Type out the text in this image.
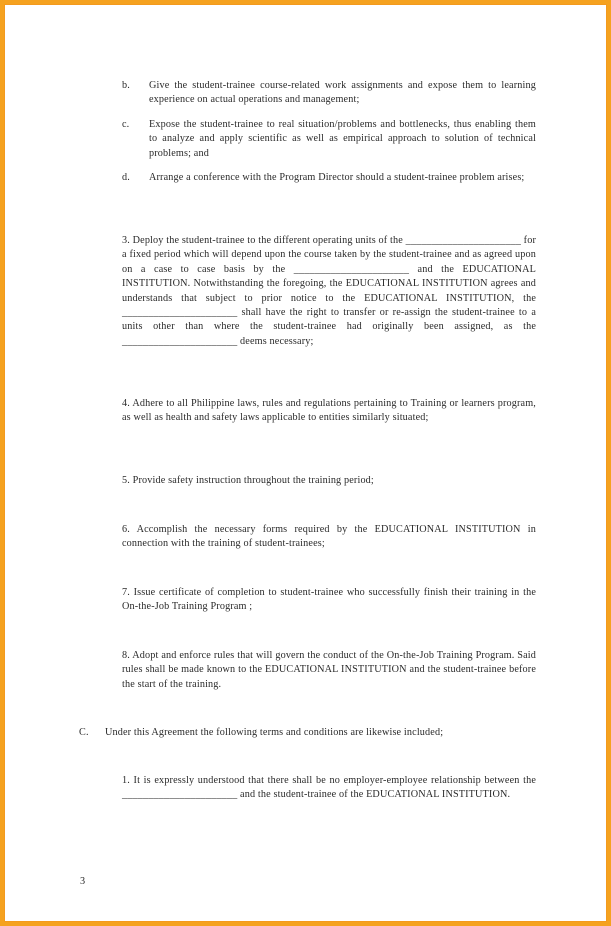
b. Give the student-trainee course-related work assignments and expose them to learning experience on actual operations and management;
c. Expose the student-trainee to real situation/problems and bottlenecks, thus enabling them to analyze and apply scientific as well as empirical approach to solution of technical problems; and
d. Arrange a conference with the Program Director should a student-trainee problem arises;
3. Deploy the student-trainee to the different operating units of the ______________________ for a fixed period which will depend upon the course taken by the student-trainee and as agreed upon on a case to case basis by the ______________________ and the EDUCATIONAL INSTITUTION. Notwithstanding the foregoing, the EDUCATIONAL INSTITUTION agrees and understands that subject to prior notice to the EDUCATIONAL INSTITUTION, the ______________________ shall have the right to transfer or re-assign the student-trainee to a units other than where the student-trainee had originally been assigned, as the ______________________ deems necessary;
4. Adhere to all Philippine laws, rules and regulations pertaining to Training or learners program, as well as health and safety laws applicable to entities similarly situated;
5. Provide safety instruction throughout the training period;
6. Accomplish the necessary forms required by the EDUCATIONAL INSTITUTION in connection with the training of student-trainees;
7. Issue certificate of completion to student-trainee who successfully finish their training in the On-the-Job Training Program ;
8. Adopt and enforce rules that will govern the conduct of the On-the-Job Training Program. Said rules shall be made known to the EDUCATIONAL INSTITUTION and the student-trainee before the start of the training.
C. Under this Agreement the following terms and conditions are likewise included;
1. It is expressly understood that there shall be no employer-employee relationship between the ______________________ and the student-trainee of the EDUCATIONAL INSTITUTION.
3
